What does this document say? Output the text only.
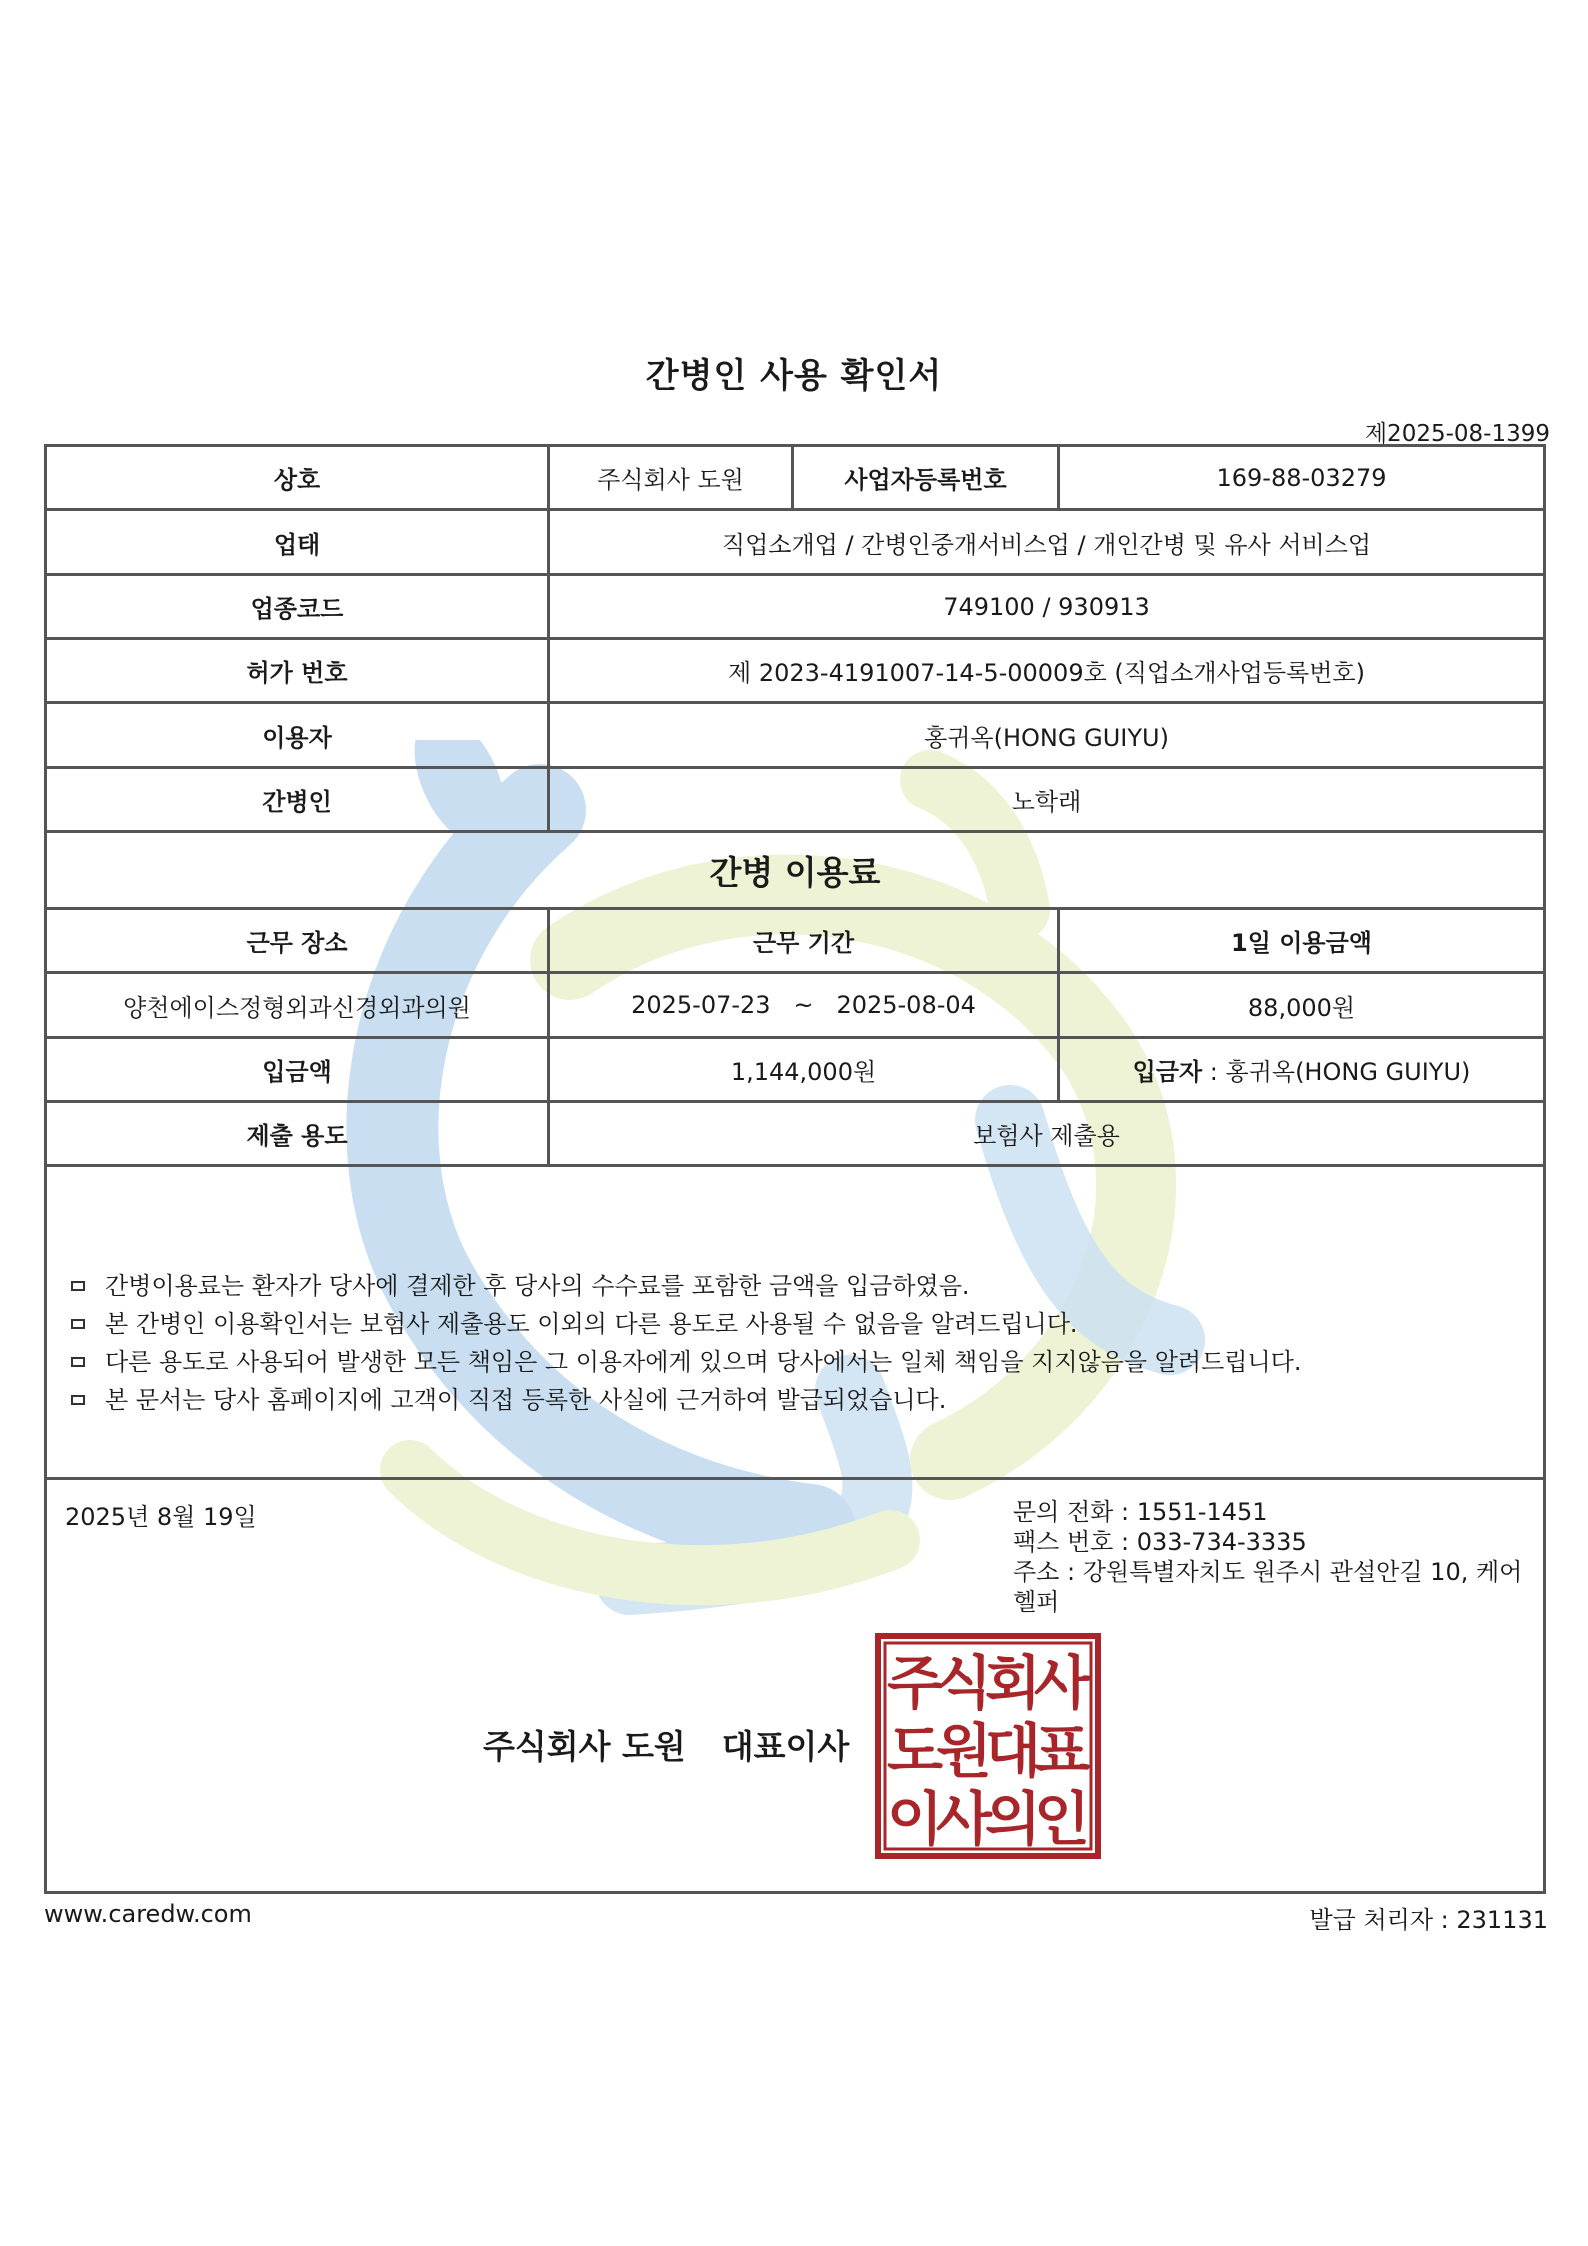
간병인 사용 확인서
제2025-08-1399
상호	주식회사 도원	사업자등록번호	169-88-03279
업태	직업소개업 / 간병인중개서비스업 / 개인간병 및 유사 서비스업
업종코드	749100 / 930913
허가 번호	제 2023-4191007-14-5-00009호 (직업소개사업등록번호)
이용자	홍귀옥(HONG GUIYU)
간병인	노학래
간병 이용료
근무 장소	근무 기간	1일 이용금액
양천에이스정형외과신경외과의원	2025-07-23   ~   2025-08-04	88,000원
입금액	1,144,000원	입금자 : 홍귀옥(HONG GUIYU)
제출 용도	보험사 제출용
간병이용료는 환자가 당사에 결제한 후 당사의 수수료를 포함한 금액을 입금하였음.
본 간병인 이용확인서는 보험사 제출용도 이외의 다른 용도로 사용될 수 없음을 알려드립니다.
다른 용도로 사용되어 발생한 모든 책임은 그 이용자에게 있으며 당사에서는 일체 책임을 지지않음을 알려드립니다.
본 문서는 당사 홈페이지에 고객이 직접 등록한 사실에 근거하여 발급되었습니다.
2025년 8월 19일	문의 전화 : 1551-1451
팩스 번호 : 033-734-3335
주소 : 강원특별자치도 원주시 관설안길 10, 케어헬퍼
주식회사 도원 대표이사
주
식
회
사
도
원
대
표
이
사
의
인
www.caredw.com	발급 처리자 : 231131
